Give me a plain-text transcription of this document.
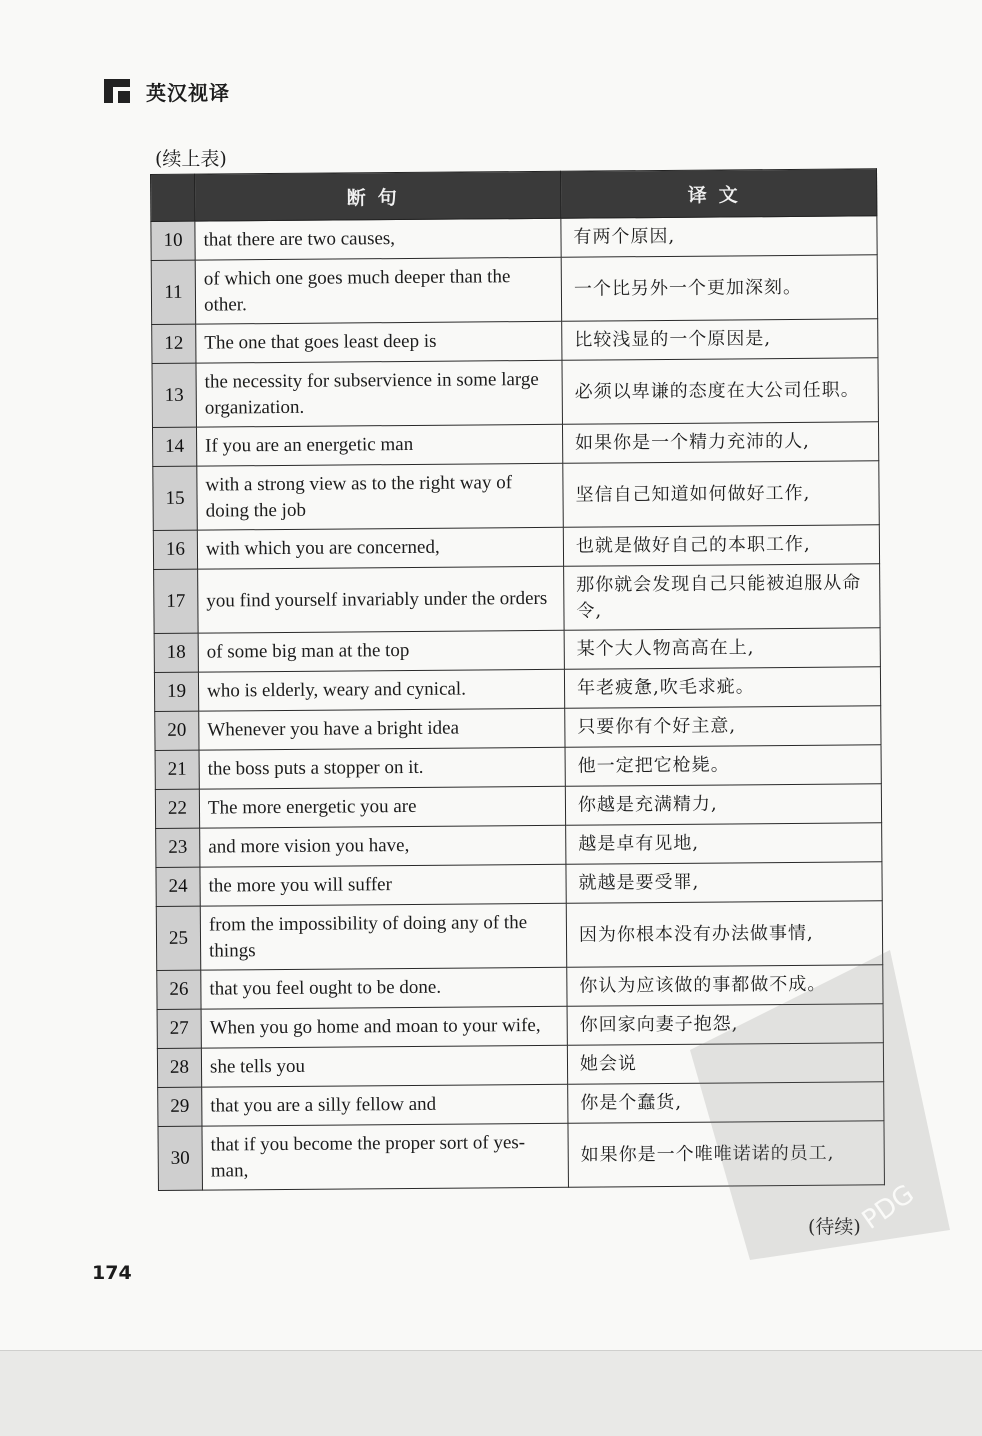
英汉视译
(续上表)
	断句	译文
10	that there are two causes,	有两个原因,
11	of which one goes much deeper than the other.	一个比另外一个更加深刻。
12	The one that goes least deep is	比较浅显的一个原因是,
13	the necessity for subservience in some large organization.	必须以卑谦的态度在大公司任职。
14	If you are an energetic man	如果你是一个精力充沛的人,
15	with a strong view as to the right way of doing the job	坚信自己知道如何做好工作,
16	with which you are concerned,	也就是做好自己的本职工作,
17	you find yourself invariably under the orders	那你就会发现自己只能被迫服从命令,
18	of some big man at the top	某个大人物高高在上,
19	who is elderly, weary and cynical.	年老疲惫,吹毛求疵。
20	Whenever you have a bright idea	只要你有个好主意,
21	the boss puts a stopper on it.	他一定把它枪毙。
22	The more energetic you are	你越是充满精力,
23	and more vision you have,	越是卓有见地,
24	the more you will suffer	就越是要受罪,
25	from the impossibility of doing any of the things	因为你根本没有办法做事情,
26	that you feel ought to be done.	你认为应该做的事都做不成。
27	When you go home and moan to your wife,	你回家向妻子抱怨,
28	she tells you	她会说
29	that you are a silly fellow and	你是个蠢货,
30	that if you become the proper sort of yes-man,	如果你是一个唯唯诺诺的员工,
(待续)
174
